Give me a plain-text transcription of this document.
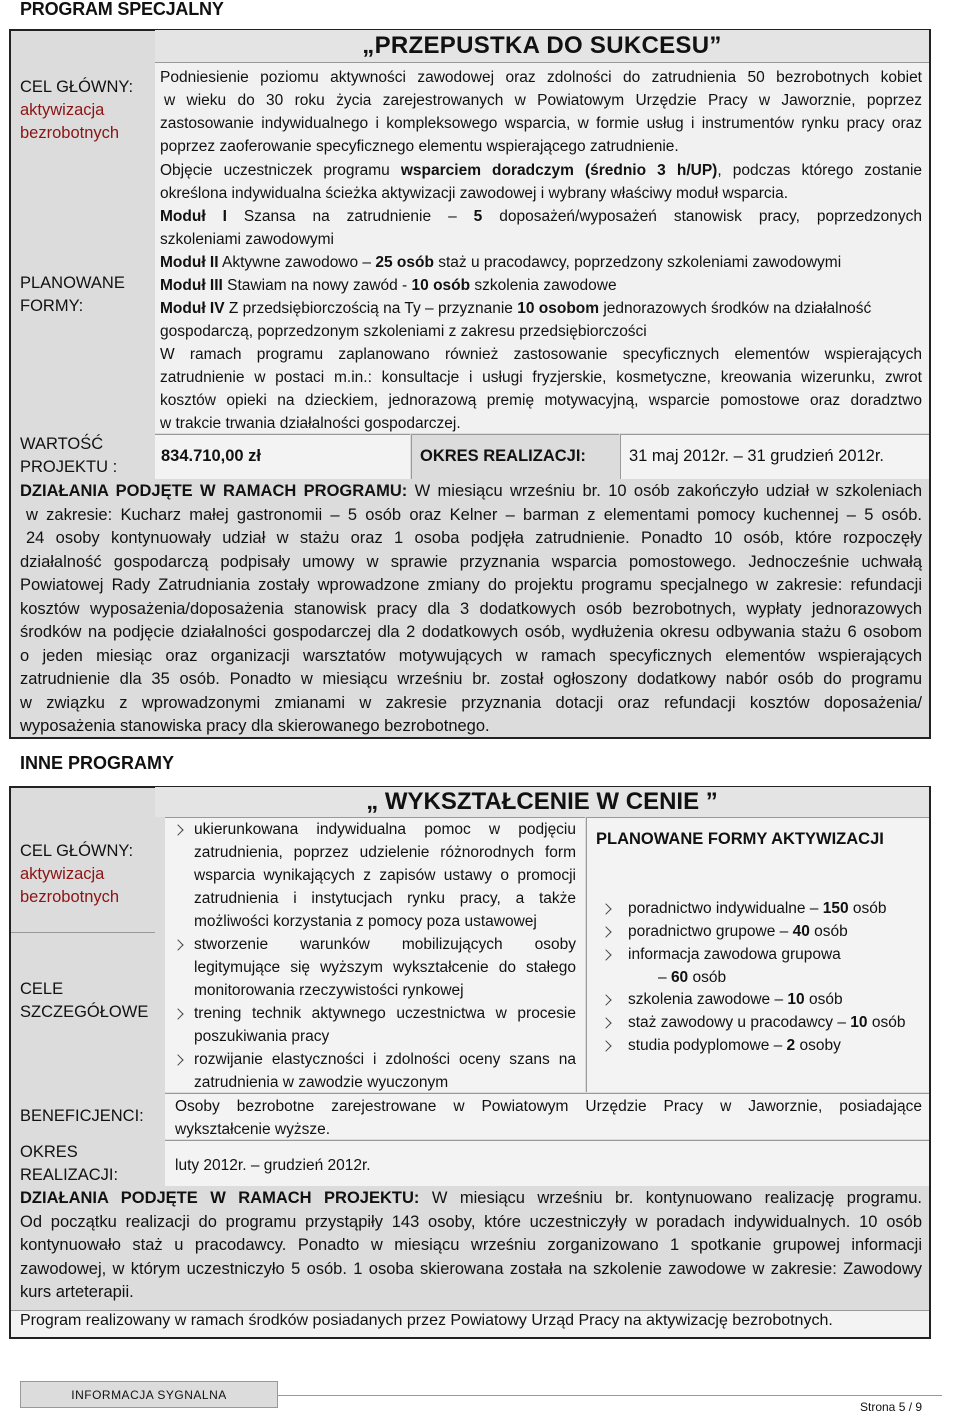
PROGRAM SPECJALNY
„PRZEPUSTKA DO SUKCESU”
CEL GŁÓWNY:
aktywizacja
bezrobotnych
Podniesienie poziomu aktywności zawodowej oraz zdolności do zatrudnienia 50 bezrobotnych kobiet
w wieku do 30 roku życia zarejestrowanych w Powiatowym Urzędzie Pracy w Jaworznie, poprzez
zastosowanie indywidualnego i kompleksowego wsparcia, w formie usług i instrumentów rynku pracy oraz
poprzez zaoferowanie specyficznego elementu wspierającego zatrudnienie.
PLANOWANE
FORMY:
Objęcie uczestniczek programu wsparciem doradczym (średnio 3 h/UP), podczas którego zostanie
określona indywidualna ścieżka aktywizacji zawodowej i wybrany właściwy moduł wsparcia.
Moduł I Szansa na zatrudnienie – 5 doposażeń/wyposażeń stanowisk pracy, poprzedzonych
szkoleniami zawodowymi
Moduł II Aktywne zawodowo – 25 osób staż u pracodawcy, poprzedzony szkoleniami zawodowymi
Moduł III Stawiam na nowy zawód - 10 osób szkolenia zawodowe
Moduł IV Z przedsiębiorczością na Ty – przyznanie 10 osobom jednorazowych środków na działalność
gospodarczą, poprzedzonym szkoleniami z zakresu przedsiębiorczości
W ramach programu zaplanowano również zastosowanie specyficznych elementów wspierających
zatrudnienie w postaci m.in.: konsultacje i usługi fryzjerskie, kosmetyczne, kreowania wizerunku, zwrot
kosztów opieki na dzieckiem, jednorazową premię motywacyjną, wsparcie pomostowe oraz doradztwo
w trakcie trwania działalności gospodarczej.
WARTOŚĆ
PROJEKTU :
834.710,00 zł	OKRES REALIZACJI:	31 maj 2012r. – 31 grudzień 2012r.
DZIAŁANIA PODJĘTE W RAMACH PROGRAMU: W miesiącu wrześniu br. 10 osób zakończyło udział w szkoleniach
w zakresie: Kucharz małej gastronomii – 5 osób oraz Kelner – barman z elementami pomocy kuchennej – 5 osób.
24 osoby kontynuowały udział w stażu oraz 1 osoba podjęła zatrudnienie. Ponadto 10 osób, które rozpoczęły
działalność gospodarczą podpisały umowy w sprawie przyznania wsparcia pomostowego. Jednocześnie uchwałą
Powiatowej Rady Zatrudniania zostały wprowadzone zmiany do projektu programu specjalnego w zakresie: refundacji
kosztów wyposażenia/doposażenia stanowisk pracy dla 3 dodatkowych osób bezrobotnych, wypłaty jednorazowych
środków na podjęcie działalności gospodarczej dla 2 dodatkowych osób, wydłużenia okresu odbywania stażu 6 osobom
o jeden miesiąc oraz organizacji warsztatów motywujących w ramach specyficznych elementów wspierających
zatrudnienie dla 35 osób. Ponadto w miesiącu wrześniu br. został ogłoszony dodatkowy nabór osób do programu
w związku z wprowadzonymi zmianami w zakresie przyznania dotacji oraz refundacji kosztów doposażenia/
wyposażenia stanowiska pracy dla skierowanego bezrobotnego.
INNE PROGRAMY
„ WYKSZTAŁCENIE W CENIE ”
CEL GŁÓWNY:
aktywizacja
bezrobotnych
CELE
SZCZEGÓŁOWE
ukierunkowana indywidualna pomoc w podjęciu zatrudnienia, poprzez udzielenie różnorodnych form wsparcia wynikających z zapisów ustawy o promocji zatrudnienia i instytucjach rynku pracy, a także możliwości korzystania z pomocy poza ustawowej
stworzenie warunków mobilizujących osoby legitymujące się wyższym wykształcenie do stałego monitorowania rzeczywistości rynkowej
trening technik aktywnego uczestnictwa w procesie poszukiwania pracy
rozwijanie elastyczności i zdolności oceny szans na zatrudnienia w zawodzie wyuczonym
PLANOWANE FORMY AKTYWIZACJI
poradnictwo indywidualne – 150 osób
poradnictwo grupowe – 40 osób
informacja zawodowa grupowa
– 60 osób
szkolenia zawodowe – 10 osób
staż zawodowy u pracodawcy – 10 osób
studia podyplomowe – 2 osoby
BENEFICJENCI:
Osoby bezrobotne zarejestrowane w Powiatowym Urzędzie Pracy w Jaworznie, posiadające
wykształcenie wyższe.
OKRES
REALIZACJI:
luty 2012r. – grudzień 2012r.
DZIAŁANIA PODJĘTE W RAMACH PROJEKTU: W miesiącu wrześniu br. kontynuowano realizację programu.
Od początku realizacji do programu przystąpiły 143 osoby, które uczestniczyły w poradach indywidualnych. 10 osób
kontynuowało staż u pracodawcy. Ponadto w miesiącu wrześniu zorganizowano 1 spotkanie grupowej informacji
zawodowej, w którym uczestniczyło 5 osób. 1 osoba skierowana została na szkolenie zawodowe w zakresie: Zawodowy
kurs arteterapii.
Program realizowany w ramach środków posiadanych przez Powiatowy Urząd Pracy na aktywizację bezrobotnych.
INFORMACJA SYGNALNA
Strona 5 / 9
